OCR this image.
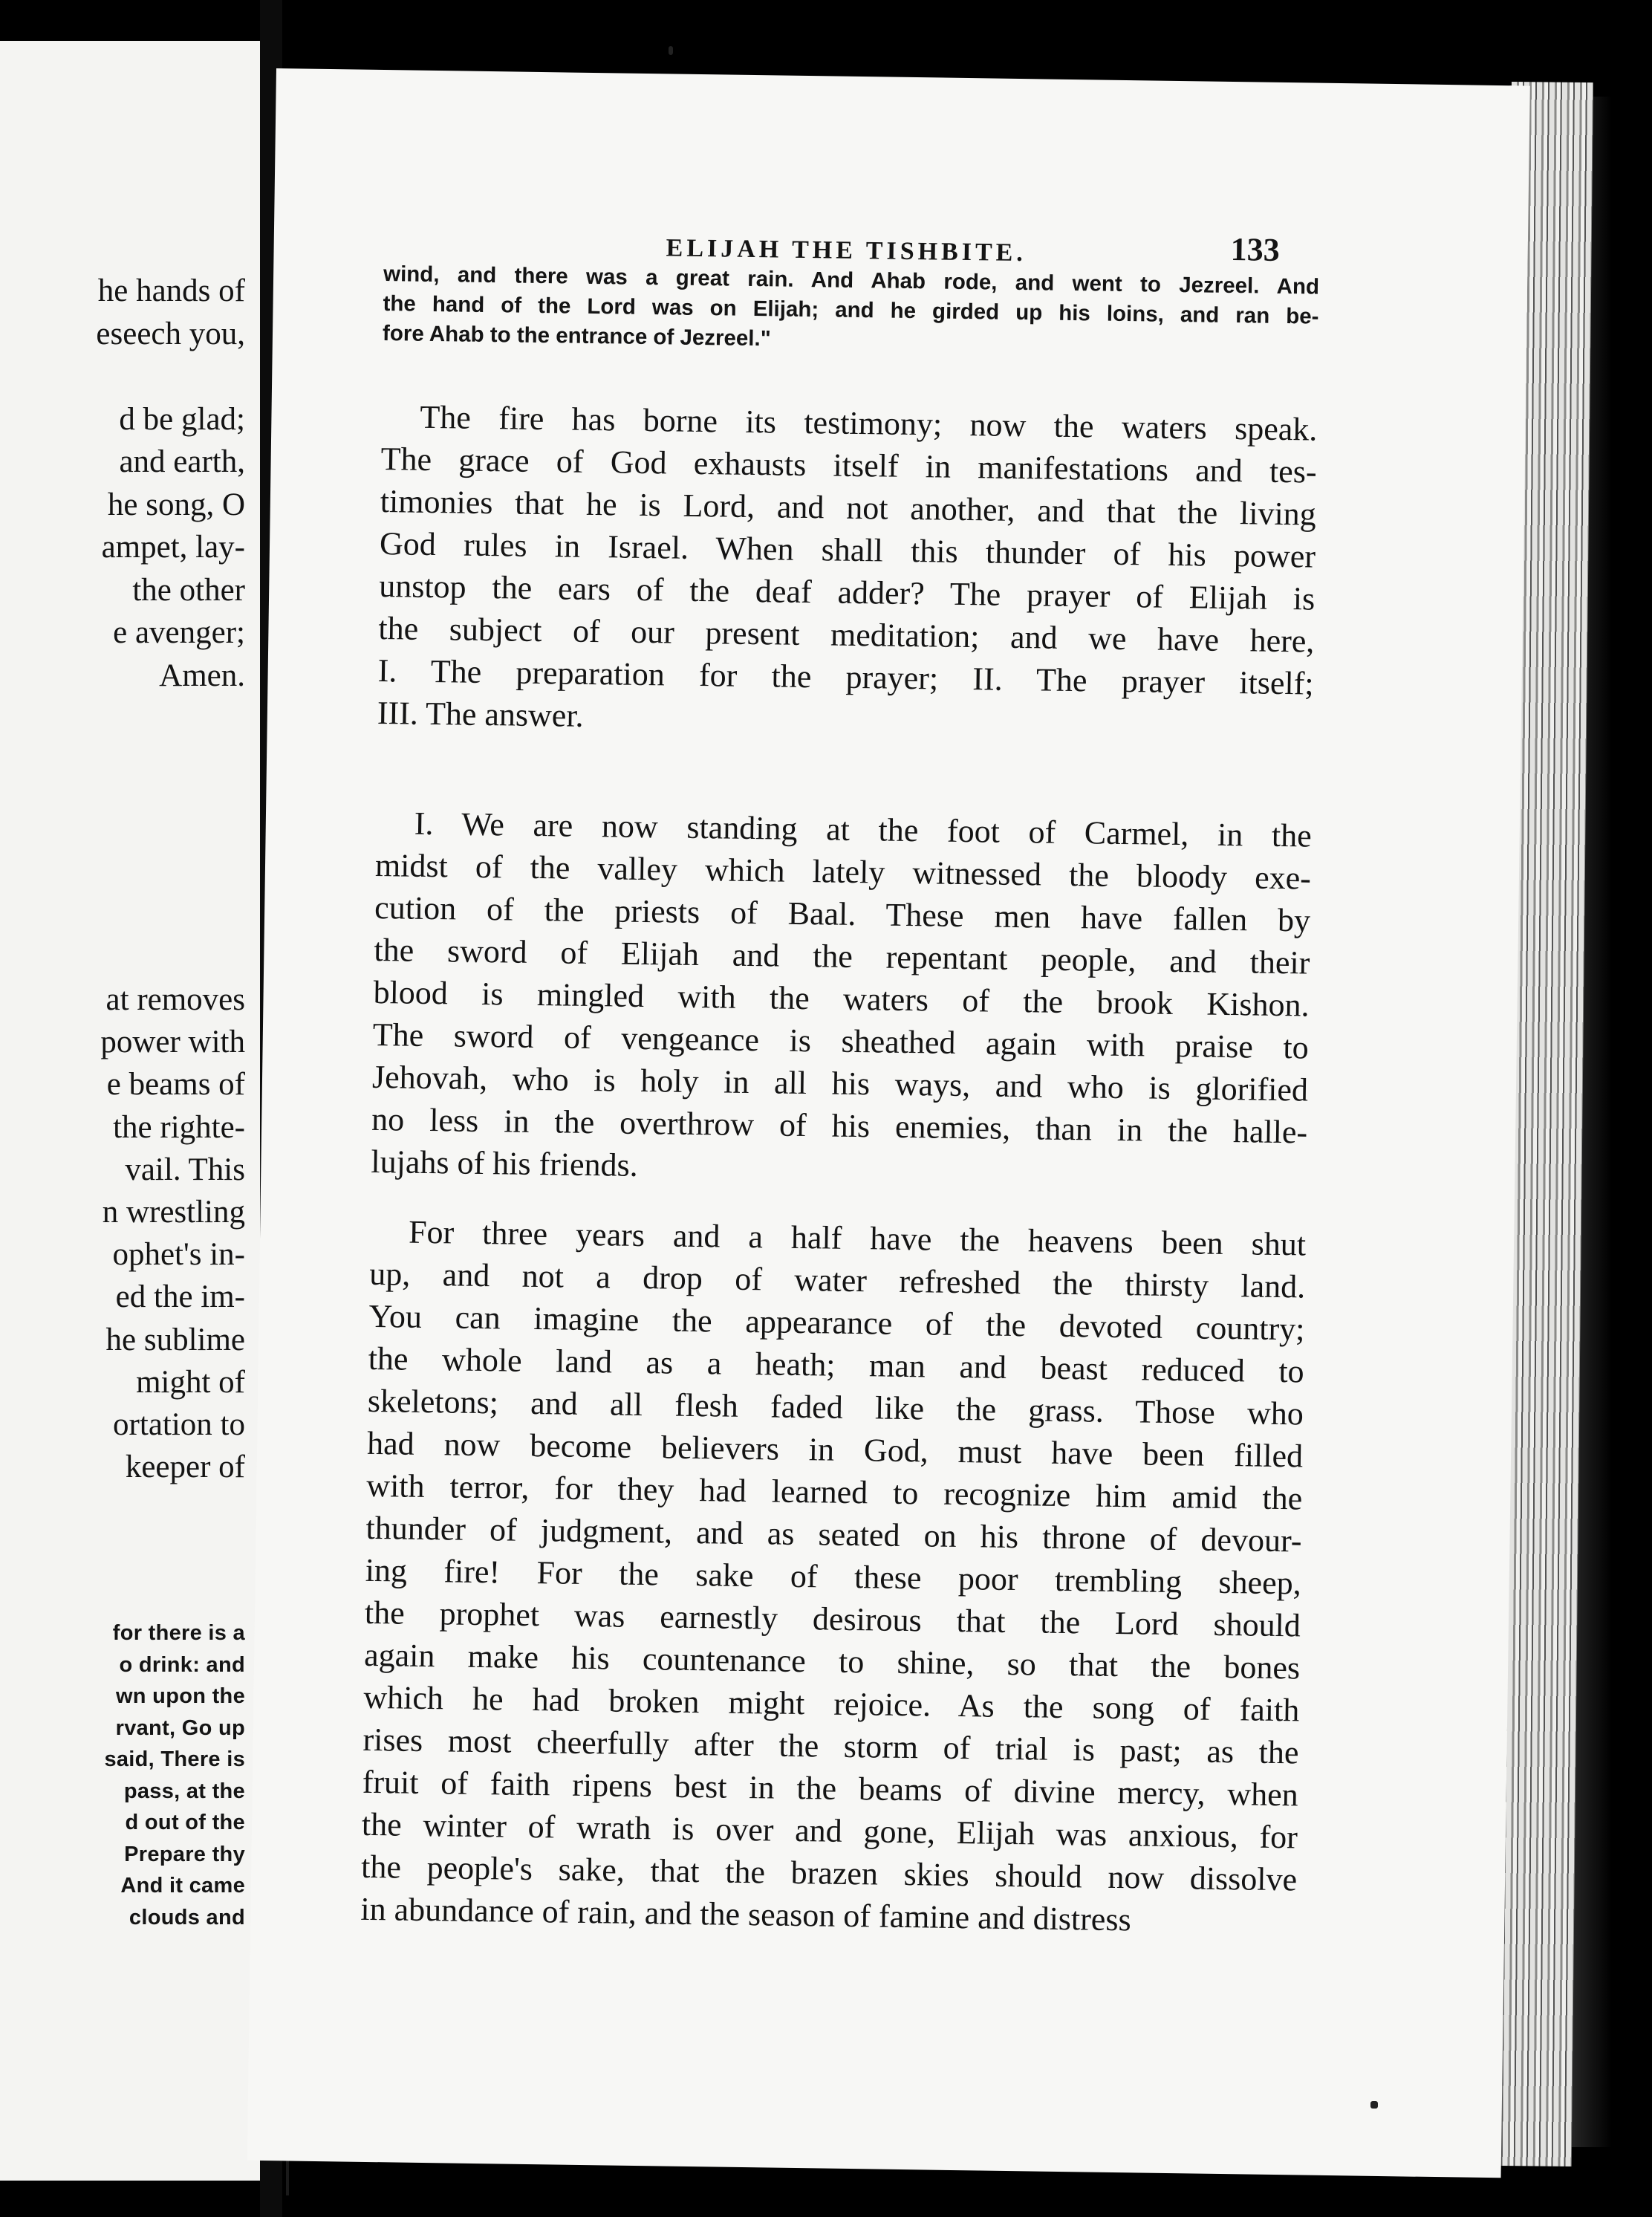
he hands of
eseech you,

d be glad;
and earth,
he song, O
ampet, lay-
the other
e avenger;
Amen.
at removes
power with
e beams of
the righte-
vail. This
n wrestling
ophet's in-
ed the im-
he sublime
might of
ortation to
keeper of
for there is a
o drink: and
wn upon the
rvant, Go up
said, There is
pass, at the
d out of the
Prepare thy
And it came
clouds and
ELIJAH THE TISHBITE.	133
wind, and there was a great rain. And Ahab rode, and went to Jezreel. And
the hand of the Lord was on Elijah; and he girded up his loins, and ran be-
fore Ahab to the entrance of Jezreel."
The fire has borne its testimony; now the waters speak.
The grace of God exhausts itself in manifestations and tes-
timonies that he is Lord, and not another, and that the living
God rules in Israel. When shall this thunder of his power
unstop the ears of the deaf adder? The prayer of Elijah is
the subject of our present meditation; and we have here,
I. The preparation for the prayer; II. The prayer itself;
III. The answer.
I. We are now standing at the foot of Carmel, in the
midst of the valley which lately witnessed the bloody exe-
cution of the priests of Baal. These men have fallen by
the sword of Elijah and the repentant people, and their
blood is mingled with the waters of the brook Kishon.
The sword of vengeance is sheathed again with praise to
Jehovah, who is holy in all his ways, and who is glorified
no less in the overthrow of his enemies, than in the halle-
lujahs of his friends.
For three years and a half have the heavens been shut
up, and not a drop of water refreshed the thirsty land.
You can imagine the appearance of the devoted country;
the whole land as a heath; man and beast reduced to
skeletons; and all flesh faded like the grass. Those who
had now become believers in God, must have been filled
with terror, for they had learned to recognize him amid the
thunder of judgment, and as seated on his throne of devour-
ing fire! For the sake of these poor trembling sheep,
the prophet was earnestly desirous that the Lord should
again make his countenance to shine, so that the bones
which he had broken might rejoice. As the song of faith
rises most cheerfully after the storm of trial is past; as the
fruit of faith ripens best in the beams of divine mercy, when
the winter of wrath is over and gone, Elijah was anxious, for
the people's sake, that the brazen skies should now dissolve
in abundance of rain, and the season of famine and distress
